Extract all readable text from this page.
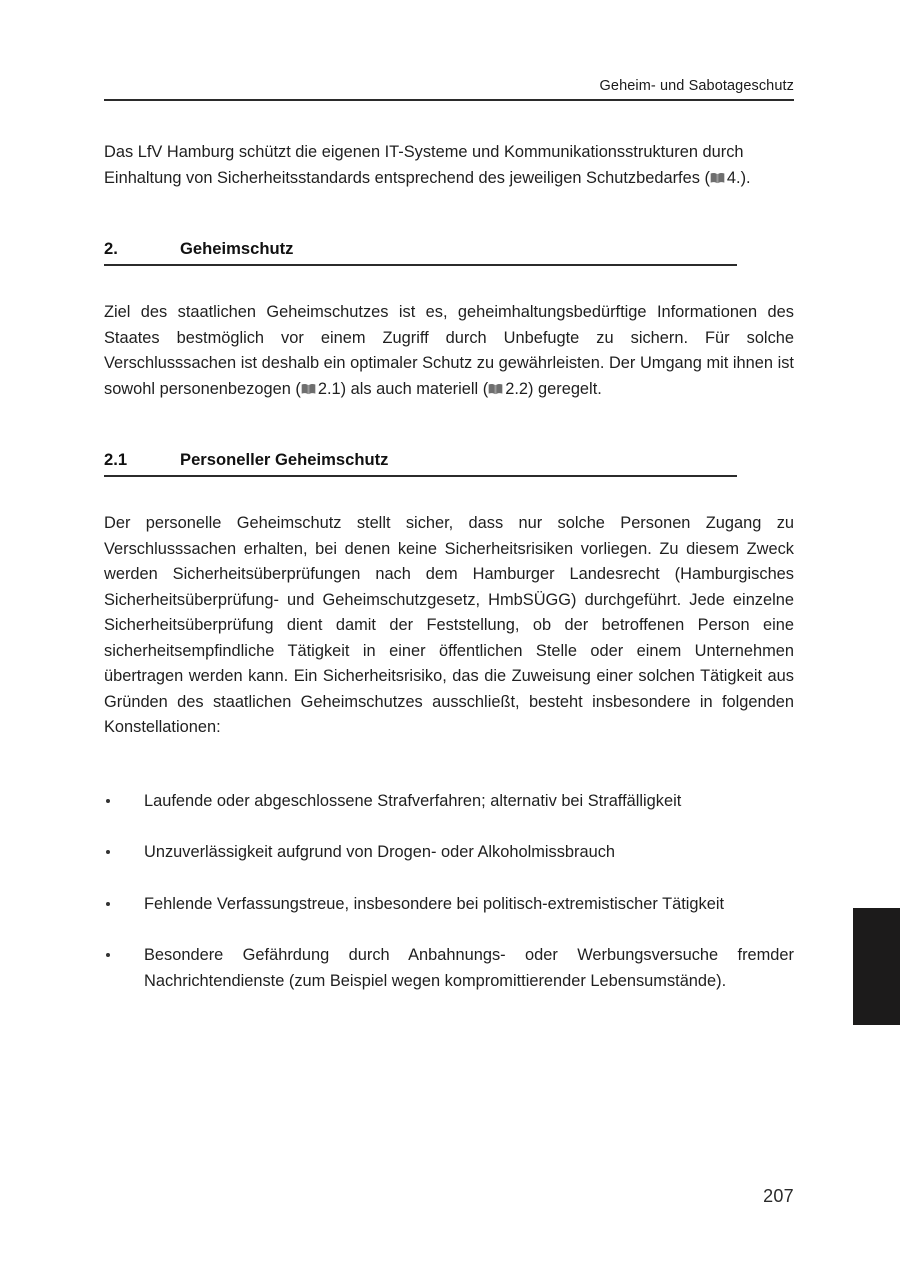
Geheim- und Sabotageschutz

Das LfV Hamburg schützt die eigenen IT-Systeme und Kommunikationsstrukturen durch Einhaltung von Sicherheitsstandards entsprechend des jeweiligen Schutzbedarfes ( 4.).

2.	Geheimschutz

Ziel des staatlichen Geheimschutzes ist es, geheimhaltungsbedürftige Informationen des Staates bestmöglich vor einem Zugriff durch Unbefugte zu sichern. Für solche Verschlusssachen ist deshalb ein optimaler Schutz zu gewährleisten. Der Umgang mit ihnen ist sowohl personenbezogen ( 2.1) als auch materiell ( 2.2) geregelt.

2.1	Personeller Geheimschutz

Der personelle Geheimschutz stellt sicher, dass nur solche Personen Zugang zu Verschlusssachen erhalten, bei denen keine Sicherheitsrisiken vorliegen. Zu diesem Zweck werden Sicherheitsüberprüfungen nach dem Hamburger Landesrecht (Hamburgisches Sicherheitsüberprüfung- und Geheimschutzgesetz, HmbSÜGG) durchgeführt. Jede einzelne Sicherheitsüberprüfung dient damit der Feststellung, ob der betroffenen Person eine sicherheitsempfindliche Tätigkeit in einer öffentlichen Stelle oder einem Unternehmen übertragen werden kann. Ein Sicherheitsrisiko, das die Zuweisung einer solchen Tätigkeit aus Gründen des staatlichen Geheimschutzes ausschließt, besteht insbesondere in folgenden Konstellationen:

Laufende oder abgeschlossene Strafverfahren; alternativ bei Straffälligkeit
Unzuverlässigkeit aufgrund von Drogen- oder Alkoholmissbrauch
Fehlende Verfassungstreue, insbesondere bei politisch-extremistischer Tätigkeit
Besondere Gefährdung durch Anbahnungs- oder Werbungsversuche fremder Nachrichtendienste (zum Beispiel wegen kompromittierender Lebensumstände).
207
